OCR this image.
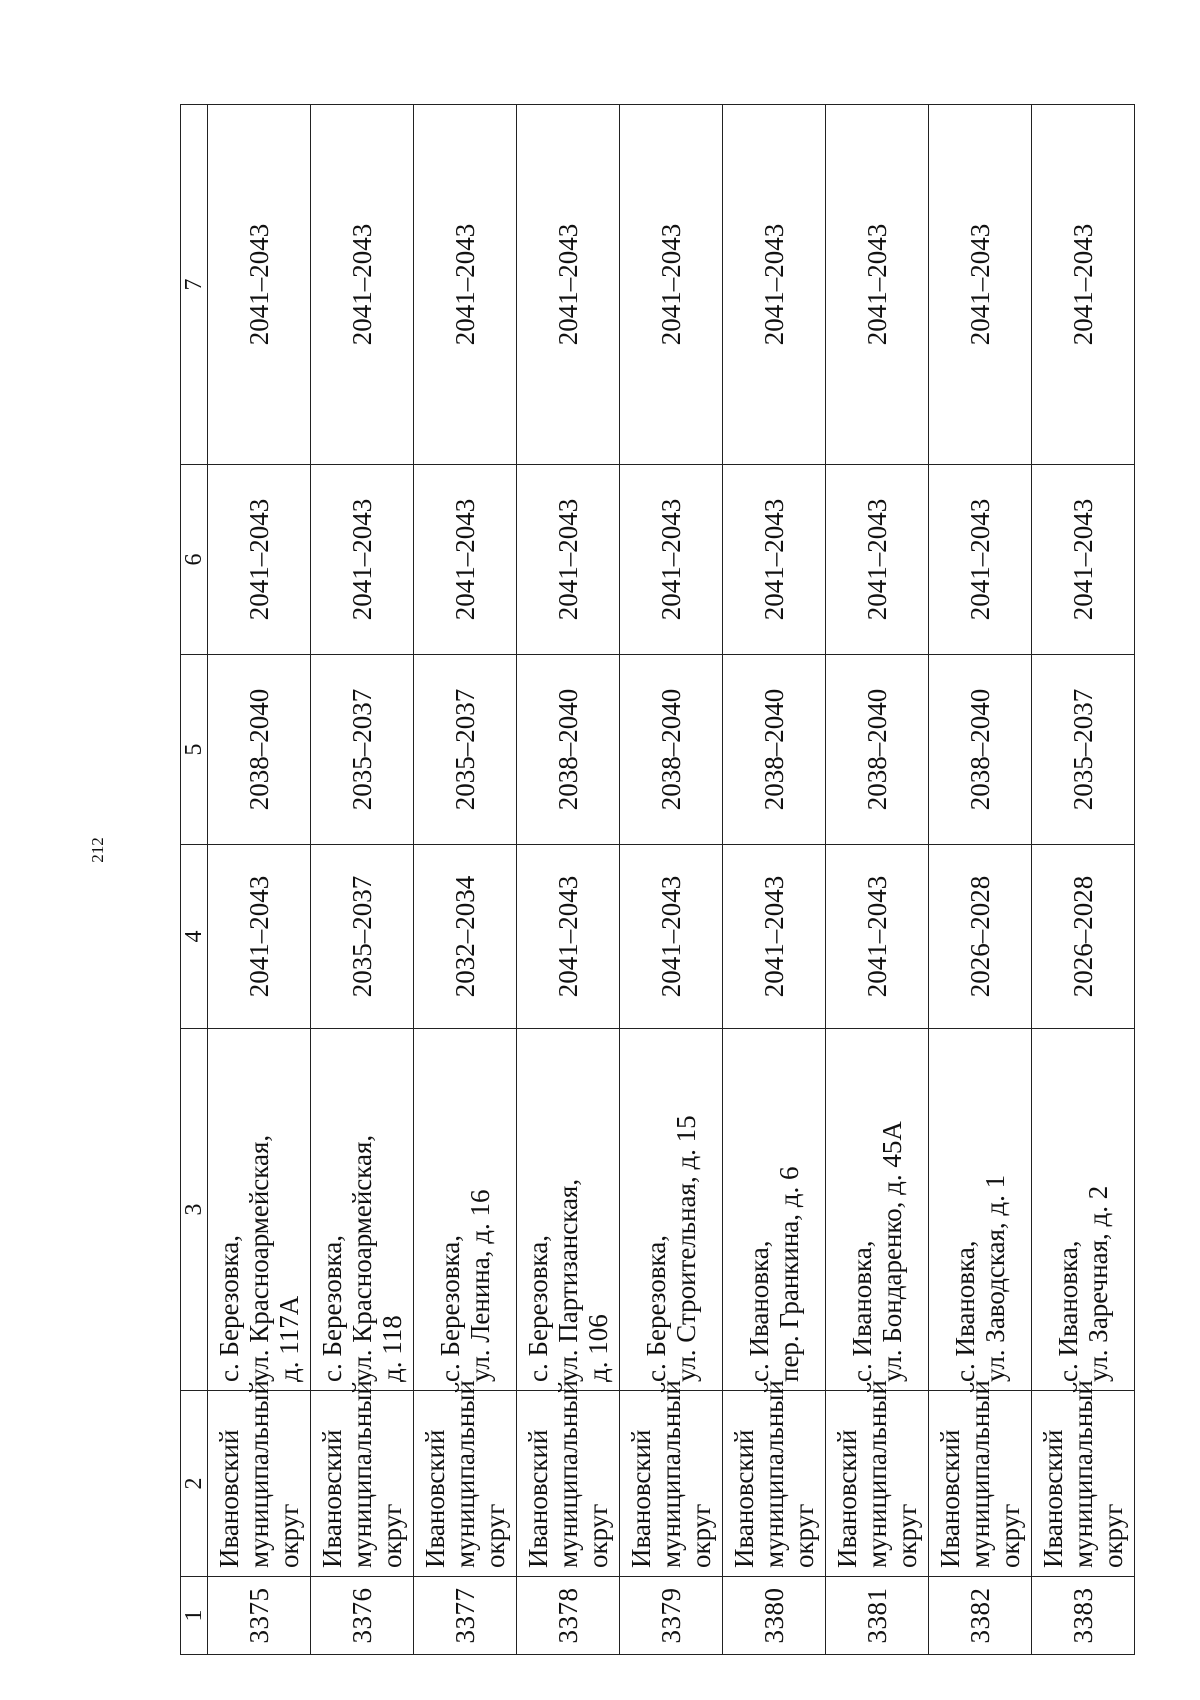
212
1	2	3	4	5	6	7
3375	Ивановский муниципальный округ	с. Березовка, ул. Красноармейская, д. 117А	2041–2043	2038–2040	2041–2043	2041–2043
3376	Ивановский муниципальный округ	с. Березовка, ул. Красноармейская, д. 118	2035–2037	2035–2037	2041–2043	2041–2043
3377	Ивановский муниципальный округ	с. Березовка, ул. Ленина, д. 16	2032–2034	2035–2037	2041–2043	2041–2043
3378	Ивановский муниципальный округ	с. Березовка, ул. Партизанская, д. 106	2041–2043	2038–2040	2041–2043	2041–2043
3379	Ивановский муниципальный округ	с. Березовка, ул. Строительная, д. 15	2041–2043	2038–2040	2041–2043	2041–2043
3380	Ивановский муниципальный округ	с. Ивановка, пер. Гранкина, д. 6	2041–2043	2038–2040	2041–2043	2041–2043
3381	Ивановский муниципальный округ	с. Ивановка, ул. Бондаренко, д. 45А	2041–2043	2038–2040	2041–2043	2041–2043
3382	Ивановский муниципальный округ	с. Ивановка, ул. Заводская, д. 1	2026–2028	2038–2040	2041–2043	2041–2043
3383	Ивановский муниципальный округ	с. Ивановка, ул. Заречная, д. 2	2026–2028	2035–2037	2041–2043	2041–2043
